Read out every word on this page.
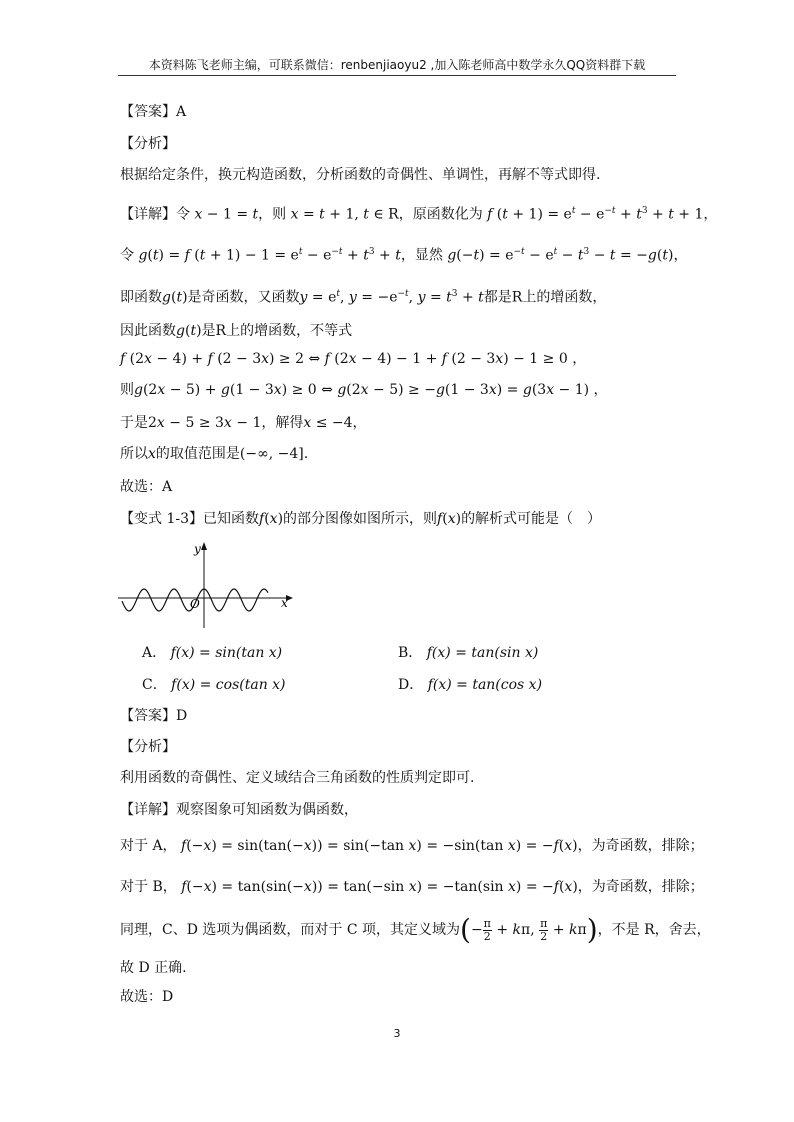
本资料陈飞老师主编，可联系微信：renbenjiaoyu2 ,加入陈老师高中数学永久QQ资料群下载
【答案】A
【分析】
根据给定条件，换元构造函数，分析函数的奇偶性、单调性，再解不等式即得.
【详解】令 x − 1 = t，则 x = t + 1, t ∈ R，原函数化为 f $(t + 1) = e^t - e^{-t} + t^3 + t + 1$，
令 g(t) = f $(t + 1) - 1 = e^t - e^{-t} + t^3 + t$，显然 $g(-t) = e^{-t} - e^t - t^3 - t = -g(t)$，
即函数g(t)是奇函数，又函数$y = e^t$, $y = -e^{-t}$, $y = t^3 + t$都是R上的增函数，
因此函数g(t)是R上的增函数，不等式
f (2x − 4) + f (2 − 3x) ≥ 2 ⇔ f (2x − 4) − 1 + f (2 − 3x) − 1 ≥ 0 ，
则g(2x − 5) + g(1 − 3x) ≥ 0 ⇔ g(2x − 5) ≥ −g(1 − 3x) = g(3x − 1) ，
于是2x − 5 ≥ 3x − 1，解得x ≤ −4，
所以x的取值范围是(−∞, −4].
故选：A
【变式 1-3】已知函数f(x)的部分图像如图所示，则f(x)的解析式可能是（　）
y
x
O
A． f(x) = sin(tan x)	B． f(x) = tan(sin x)
C． f(x) = cos(tan x)	D． f(x) = tan(cos x)
【答案】D
【分析】
利用函数的奇偶性、定义域结合三角函数的性质判定即可.
【详解】观察图象可知函数为偶函数，
对于 A， f(−x) = sin(tan(−x)) = sin(−tan x) = −sin(tan x) = −f(x)，为奇函数，排除；
对于 B， f(−x) = tan(sin(−x)) = tan(−sin x) = −tan(sin x) = −f(x)，为奇函数，排除；
同理，C、D 选项为偶函数，而对于 C 项，其定义域为(− $\frac{\pi}{2} + k\pi$, $\frac{\pi}{2} + k\pi$)，不是 R，舍去，
故 D 正确.
故选：D
3
